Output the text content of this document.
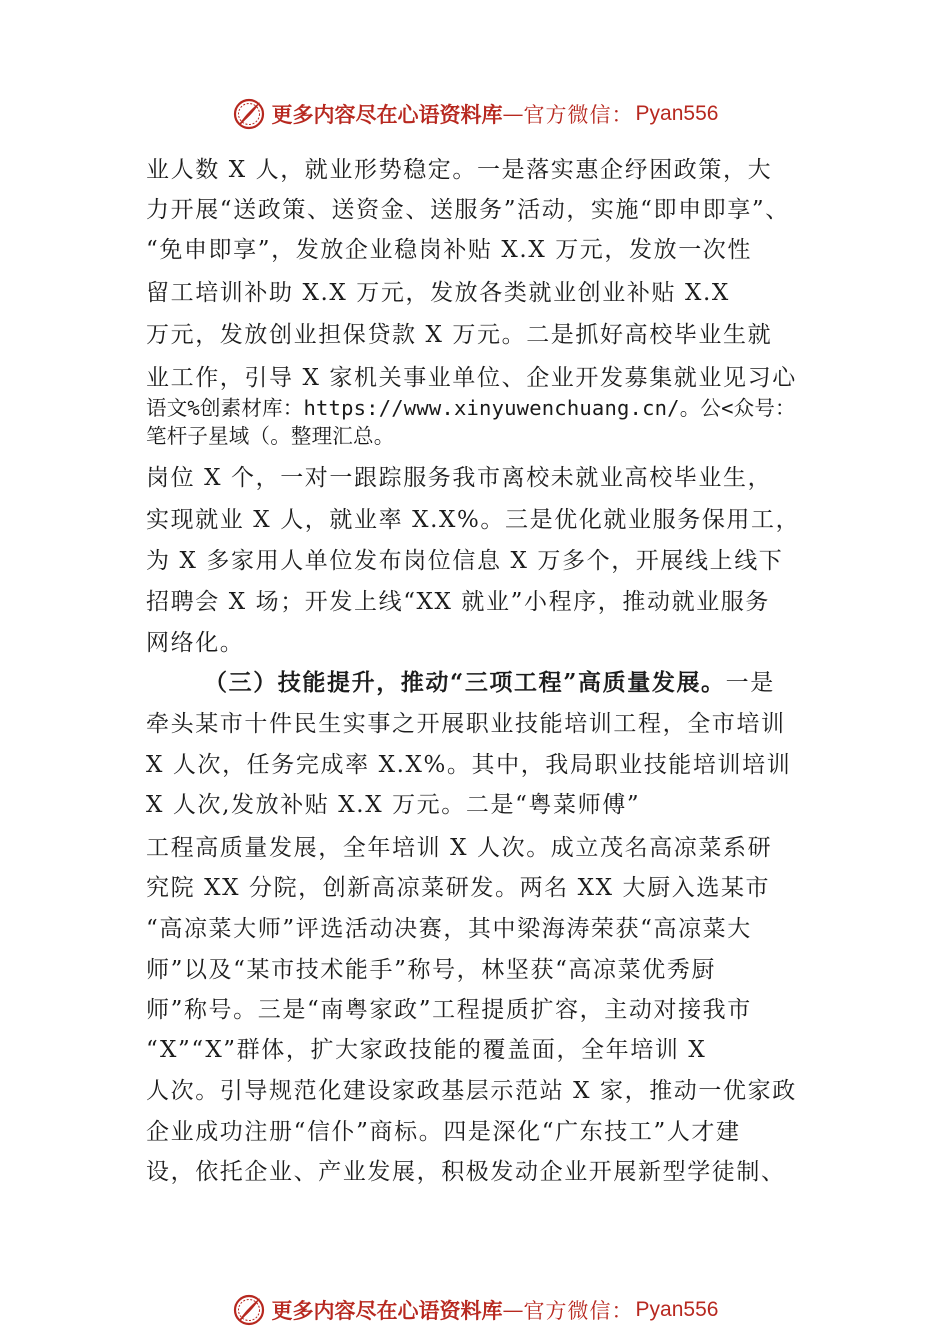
更多内容尽在心语资料库 — 官方微信： Pyan556
业人数 X 人，就业形势稳定。一是落实惠企纾困政策，大
力开展“送政策、送资金、送服务”活动，实施“即申即享”、
“免申即享”，发放企业稳岗补贴 X.X 万元，发放一次性
留工培训补助 X.X 万元，发放各类就业创业补贴 X.X
万元，发放创业担保贷款 X 万元。二是抓好高校毕业生就
业工作，引导 X 家机关事业单位、企业开发募集就业见习心
语文%创素材库：https://www.xinyuwenchuang.cn/。公<众号：
笔杆子星域（。整理汇总。
岗位 X 个，一对一跟踪服务我市离校未就业高校毕业生，
实现就业 X 人，就业率 X.X%。三是优化就业服务保用工，
为 X 多家用人单位发布岗位信息 X 万多个，开展线上线下
招聘会 X 场；开发上线“XX 就业”小程序，推动就业服务
网络化。
（三）技能提升，推动“三项工程”高质量发展。一是
牵头某市十件民生实事之开展职业技能培训工程，全市培训
X 人次，任务完成率 X.X%。其中，我局职业技能培训培训
X 人次,发放补贴 X.X 万元。二是“粤菜师傅”
工程高质量发展，全年培训 X 人次。成立茂名高凉菜系研
究院 XX 分院，创新高凉菜研发。两名 XX 大厨入选某市
“高凉菜大师”评选活动决赛，其中梁海涛荣获“高凉菜大
师”以及“某市技术能手”称号，林坚获“高凉菜优秀厨
师”称号。三是“南粤家政”工程提质扩容，主动对接我市
“X”“X”群体，扩大家政技能的覆盖面，全年培训 X
人次。引导规范化建设家政基层示范站 X 家，推动一优家政
企业成功注册“信仆”商标。四是深化“广东技工”人才建
设，依托企业、产业发展，积极发动企业开展新型学徒制、
更多内容尽在心语资料库 — 官方微信： Pyan556
